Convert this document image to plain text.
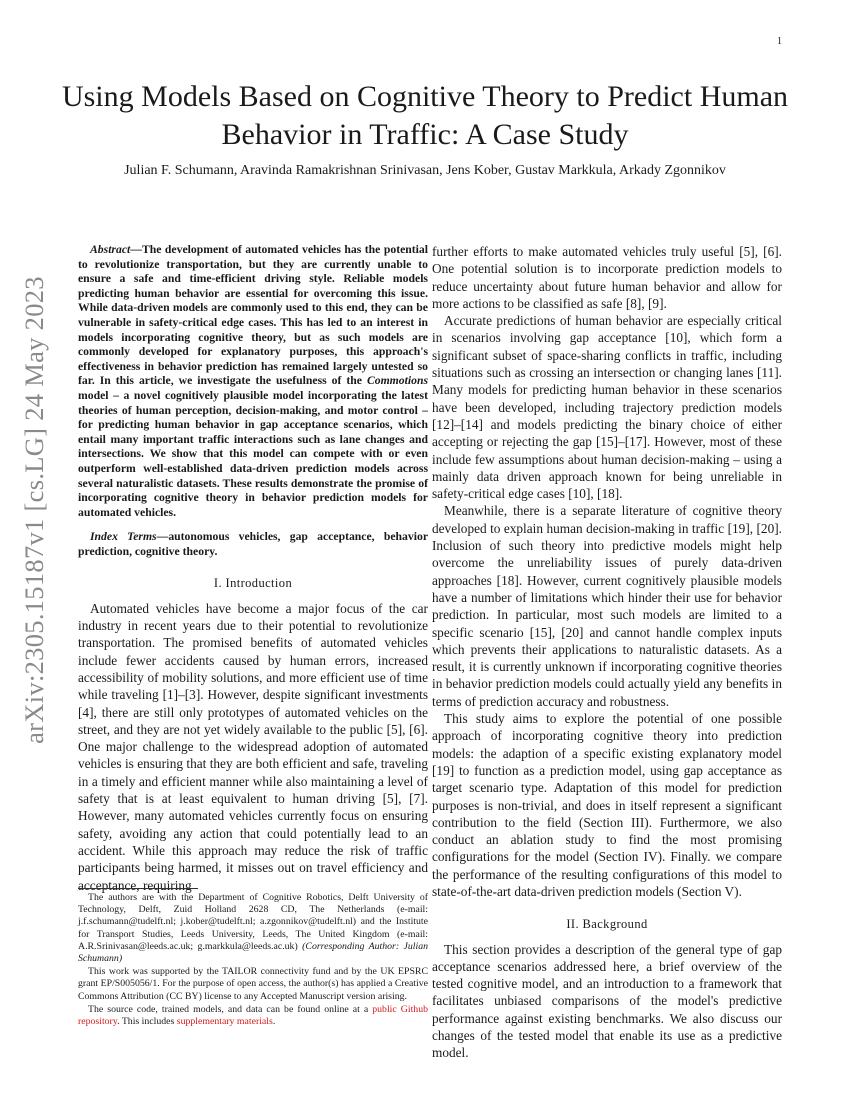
1
arXiv:2305.15187v1 [cs.LG] 24 May 2023
Using Models Based on Cognitive Theory to Predict Human Behavior in Traffic: A Case Study
Julian F. Schumann, Aravinda Ramakrishnan Srinivasan, Jens Kober, Gustav Markkula, Arkady Zgonnikov

Abstract—The development of automated vehicles has the potential to revolutionize transportation, but they are currently unable to ensure a safe and time-efficient driving style. Reliable models predicting human behavior are essential for overcoming this issue. While data-driven models are commonly used to this end, they can be vulnerable in safety-critical edge cases. This has led to an interest in models incorporating cognitive theory, but as such models are commonly developed for explanatory purposes, this approach's effectiveness in behavior prediction has remained largely untested so far. In this article, we investigate the usefulness of the Commotions model – a novel cognitively plausible model incorporating the latest theories of human perception, decision-making, and motor control – for predicting human behavior in gap acceptance scenarios, which entail many important traffic interactions such as lane changes and intersections. We show that this model can compete with or even outperform well-established data-driven prediction models across several naturalistic datasets. These results demonstrate the promise of incorporating cognitive theory in behavior prediction models for automated vehicles.

Index Terms—autonomous vehicles, gap acceptance, behavior prediction, cognitive theory.

I. Introduction

Automated vehicles have become a major focus of the car industry in recent years due to their potential to revolutionize transportation. The promised benefits of automated vehicles include fewer accidents caused by human errors, increased accessibility of mobility solutions, and more efficient use of time while traveling [1]–[3]. However, despite significant investments [4], there are still only prototypes of automated vehicles on the street, and they are not yet widely available to the public [5], [6]. One major challenge to the widespread adoption of automated vehicles is ensuring that they are both efficient and safe, traveling in a timely and efficient manner while also maintaining a level of safety that is at least equivalent to human driving [5], [7]. However, many automated vehicles currently focus on ensuring safety, avoiding any action that could potentially lead to an accident. While this approach may reduce the risk of traffic participants being harmed, it misses out on travel efficiency and acceptance, requiring

further efforts to make automated vehicles truly useful [5], [6]. One potential solution is to incorporate prediction models to reduce uncertainty about future human behavior and allow for more actions to be classified as safe [8], [9].

Accurate predictions of human behavior are especially critical in scenarios involving gap acceptance [10], which form a significant subset of space-sharing conflicts in traffic, including situations such as crossing an intersection or changing lanes [11]. Many models for predicting human behavior in these scenarios have been developed, including trajectory prediction models [12]–[14] and models predicting the binary choice of either accepting or rejecting the gap [15]–[17]. However, most of these include few assumptions about human decision-making – using a mainly data driven approach known for being unreliable in safety-critical edge cases [10], [18].

Meanwhile, there is a separate literature of cognitive theory developed to explain human decision-making in traffic [19], [20]. Inclusion of such theory into predictive models might help overcome the unreliability issues of purely data-driven approaches [18]. However, current cognitively plausible models have a number of limitations which hinder their use for behavior prediction. In particular, most such models are limited to a specific scenario [15], [20] and cannot handle complex inputs which prevents their applications to naturalistic datasets. As a result, it is currently unknown if incorporating cognitive theories in behavior prediction models could actually yield any benefits in terms of prediction accuracy and robustness.

This study aims to explore the potential of one possible approach of incorporating cognitive theory into prediction models: the adaption of a specific existing explanatory model [19] to function as a prediction model, using gap acceptance as target scenario type. Adaptation of this model for prediction purposes is non-trivial, and does in itself represent a significant contribution to the field (Section III). Furthermore, we also conduct an ablation study to find the most promising configurations for the model (Section IV). Finally. we compare the performance of the resulting configurations of this model to state-of-the-art data-driven prediction models (Section V).

II. Background

This section provides a description of the general type of gap acceptance scenarios addressed here, a brief overview of the tested cognitive model, and an introduction to a framework that facilitates unbiased comparisons of the model's predictive performance against existing benchmarks. We also discuss our changes of the tested model that enable its use as a predictive model.

The authors are with the Department of Cognitive Robotics, Delft University of Technology, Delft, Zuid Holland 2628 CD, The Netherlands (e-mail: j.f.schumann@tudelft.nl; j.kober@tudelft.nl; a.zgonnikov@tudelft.nl) and the Institute for Transport Studies, Leeds University, Leeds, The United Kingdom (e-mail: A.R.Srinivasan@leeds.ac.uk; g.markkula@leeds.ac.uk) (Corresponding Author: Julian Schumann)

This work was supported by the TAILOR connectivity fund and by the UK EPSRC grant EP/S005056/1. For the purpose of open access, the author(s) has applied a Creative Commons Attribution (CC BY) license to any Accepted Manuscript version arising.

The source code, trained models, and data can be found online at a public Github repository. This includes supplementary materials.
